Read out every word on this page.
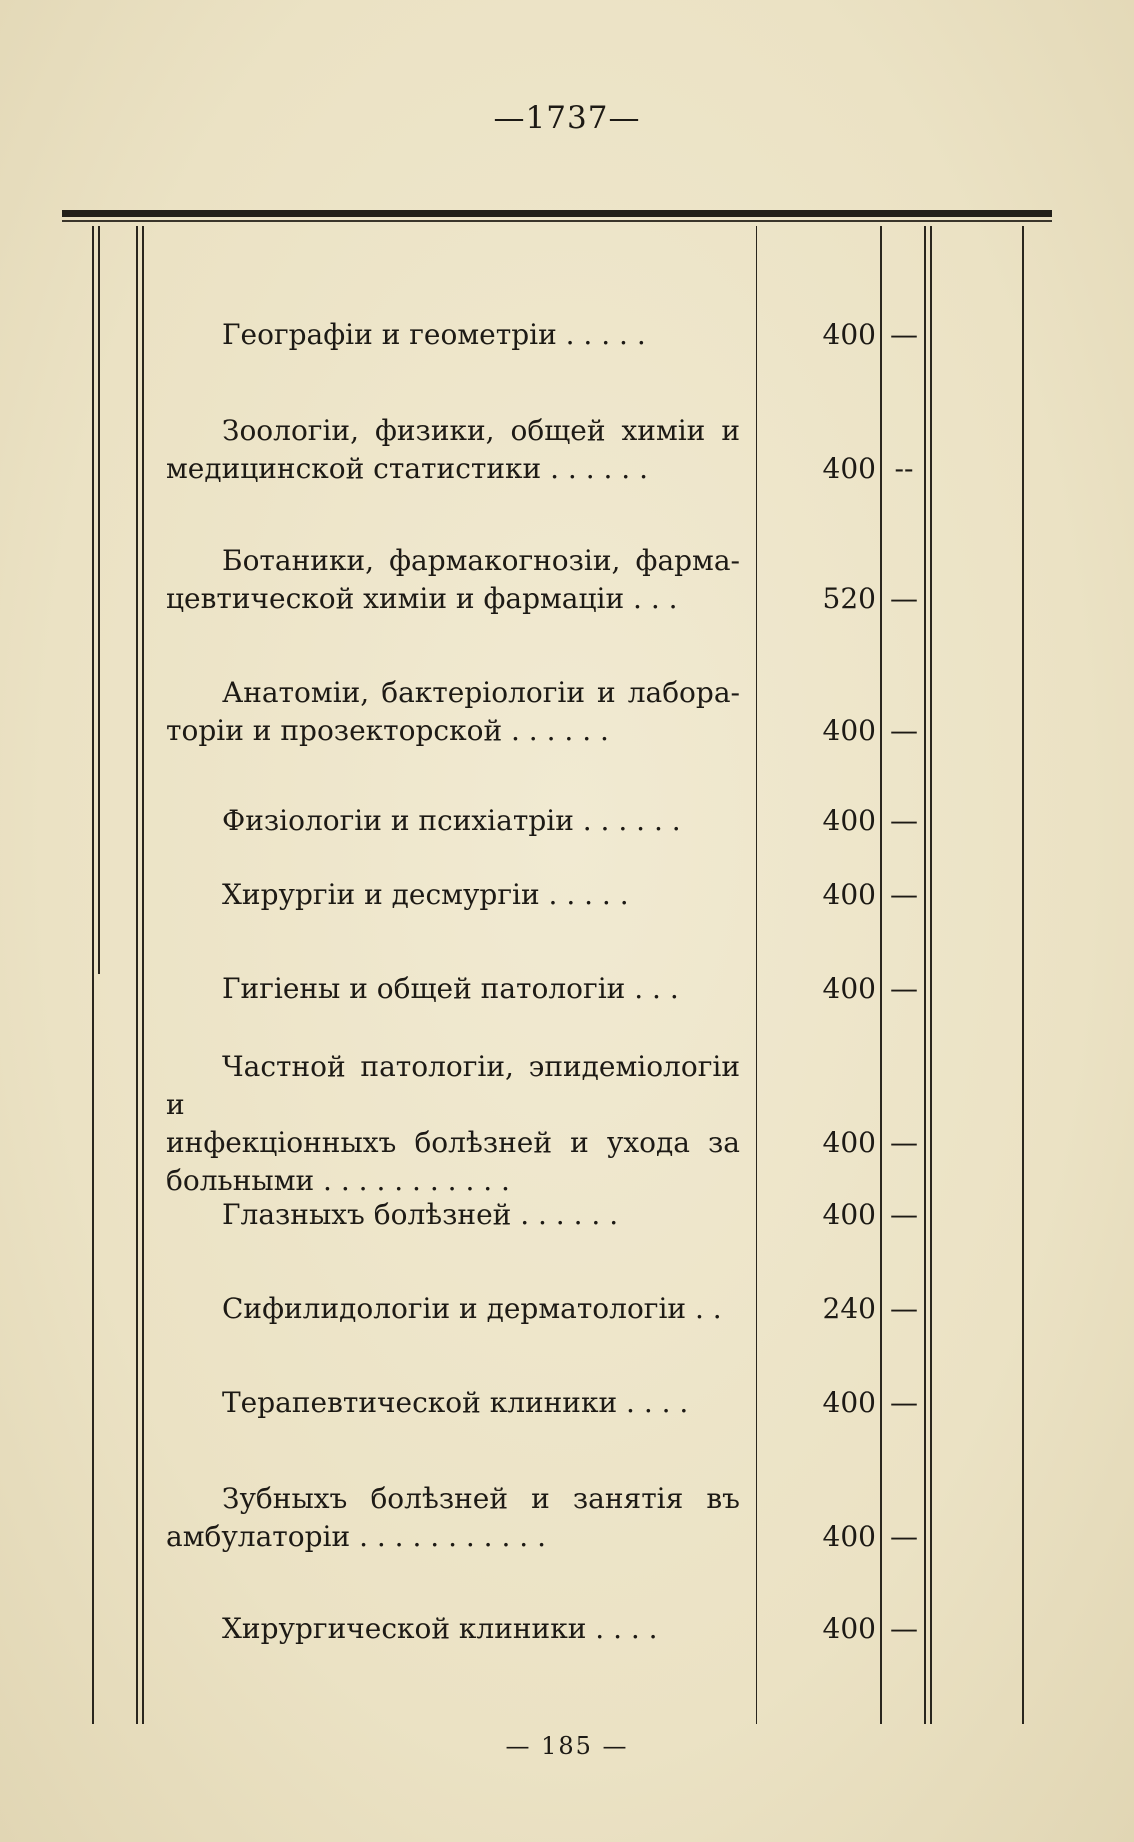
—1737—
Географіи и геометріи . . . . .	400 —
Зоологіи, физики, общей химіи и
медицинской статистики . . . . . .	400 --
Ботаники, фармакогнозіи, фарма-
цевтической химіи и фармаціи . . .	520 —
Анатоміи, бактеріологіи и лабора-
торіи и прозекторской . . . . . .	400 —
Физіологіи и психіатріи . . . . . .	400 —
Хирургіи и десмургіи . . . . .	400 —
Гигіены и общей патологіи . . .	400 —
Частной патологіи, эпидеміологіи и
инфекціонныхъ болѣзней и ухода за
больными . . . . . . . . . . .
400 —
Глазныхъ болѣзней . . . . . .	400 —
Сифилидологіи и дерматологіи . .	240 —
Терапевтической клиники . . . .	400 —
Зубныхъ болѣзней и занятія въ
амбулаторіи . . . . . . . . . . .	400 —
Хирургической клиники . . . .	400 —
— 185 —
